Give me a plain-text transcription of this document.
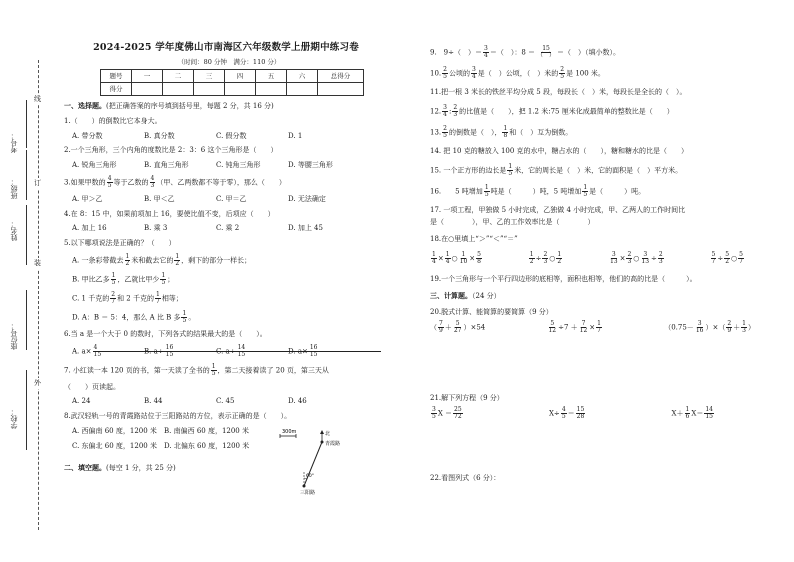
考号：
班级：
姓名：
座位号：
学校：
线
订
装
外
2024-2025 学年度佛山市南海区六年级数学上册期中练习卷
（时间：80 分钟　满分：110 分）
题号	一	二	三	四	五	六	总得分
得分							
一、选择题。(把正确答案的序号填到括号里，每题 2 分，共 16 分)
1.（　　）的倒数比它本身大。
A. 带分数	B. 真分数	C. 假分数	D. 1
2.一个三角形，三个内角的度数比是 2：3：6 这个三角形是（　　）
A. 锐角三角形	B. 直角三角形	C. 钝角三角形	D. 等腰三角形
3.如果甲数的 $\frac{4}{5}$ 等于乙数的 $\frac{4}{3}$ （甲、乙两数都不等于零），那么（　　）
A. 甲＞乙	B. 甲＜乙	C. 甲＝乙	D. 无法确定
4.在 8：15 中，如果前项加上 16，要使比值不变，后项应（　　）
A. 加上 16	B. 乘 3	C. 乘 2	D. 加上 45
5.以下哪项说法是正确的？（　　）
A. 一条彩带截去 $\frac{1}{2}$ 米和截去它的 $\frac{1}{2}$ ，剩下的部分一样长；
B. 甲比乙多 $\frac{1}{5}$ ，乙就比甲少 $\frac{1}{5}$ ；
C. 1 千克的 $\frac{2}{7}$ 和 2 千克的 $\frac{1}{7}$ 相等；
D. A：B ＝ 5：4，那么 A 比 B 多 $\frac{1}{5}$ 。
6.当 a 是一个大于 0 的数时，下列各式的结果最大的是（　　）。
A. $a\times \frac{4}{15}$
B. $a\div \frac{16}{15}$
C. $a\div \frac{14}{15}$
D. $a\times \frac{16}{15}$
7. 小红读一本 120 页的书，第一天读了全书的 $\frac{1}{5}$ ，第二天接着读了 20 页，第三天从
（　　）页读起。
A. 24	B. 44	C. 45	D. 46
8.武汉轻轨一号的青霞路站位于三阳路站的方位，表示正确的是（　　）。
A. 西偏南 60 度，1200 米	B. 南偏西 60 度，1200 米
C. 东偏北 60 度，1200 米	D. 北偏东 60 度，1200 米
二、填空题。(每空 1 分，共 25 分)
300m	北
青霞路
60°
三阳路
9.　9÷（　）＝ $\frac{3}{4}$ ＝（　）：$8 = \frac{15}{( )}$ ＝（　）（填小数）。
10. $\frac{2}{5}$ 公顷的 $\frac{3}{4}$ 是（　）公顷，（　）米的 $\frac{2}{5}$ 是 100 米。
11.把一根 3 米长的铁丝平均分成 5 段，每段长（　）米，每段长是全长的（　）。
12. $\frac{3}{4}$ : $\frac{2}{3}$ 的比值是（　　），把 1.2 米:75 厘米化成最简单的整数比是（　　）
13. $\frac{2}{5}$ 的倒数是（　）， $\frac{1}{8}$ 和（　）互为倒数。
14. 把 10 克的糖放入 100 克的水中，糖占水的（　　），糖和糖水的比是（　　）
15. 一个正方形的边长是 $\frac{1}{5}$ 米，它的周长是（　）米，它的面积是（　）平方米。
16.　　5 吨增加 $\frac{1}{5}$ 吨是（　　　）吨，5 吨增加 $\frac{1}{5}$ 是（　　　）吨。
17. 一项工程，甲独做 5 小时完成，乙独做 4 小时完成，甲、乙两人的工作时间比
是（　　　　），甲、乙的工作效率比是（　　　　）
18.在○里填上“＞”“＜”“＝”
$\frac{1}{4} \times \frac{1}{4}$ ○ $\frac{1}{10} \times \frac{5}{8}$	$\frac{1}{2} \div \frac{2}{3}$ ○ $\frac{1}{2}$	$\frac{3}{13} \times \frac{2}{3}$ ○ $\frac{3}{13} \div \frac{2}{3}$	$\frac{5}{7} \div \frac{5}{2}$ ○ $\frac{5}{7}$
19.一个三角形与一个平行四边形的底相等，面积也相等，他们的高的比是（　　　）。
三、计算题。（24 分）
20.脱式计算、能简算的要简算（9 分）
（ $\frac{7}{9} + \frac{5}{27} )\times 54$	$\frac{5}{12} \div 7 + \frac{7}{12} \times \frac{1}{7}$	（$0.75- \frac{3}{16}$ ）×（ $\frac{2}{9} + \frac{1}{3}$ ）
21.解下列方程（9 分）
$\frac{3}{5}$ $X = \frac{25}{72}$	$X\div \frac{4}{5} = \frac{15}{28}$	$X+ \frac{1}{6} X= \frac{14}{15}$
22.看图列式（6 分）：
